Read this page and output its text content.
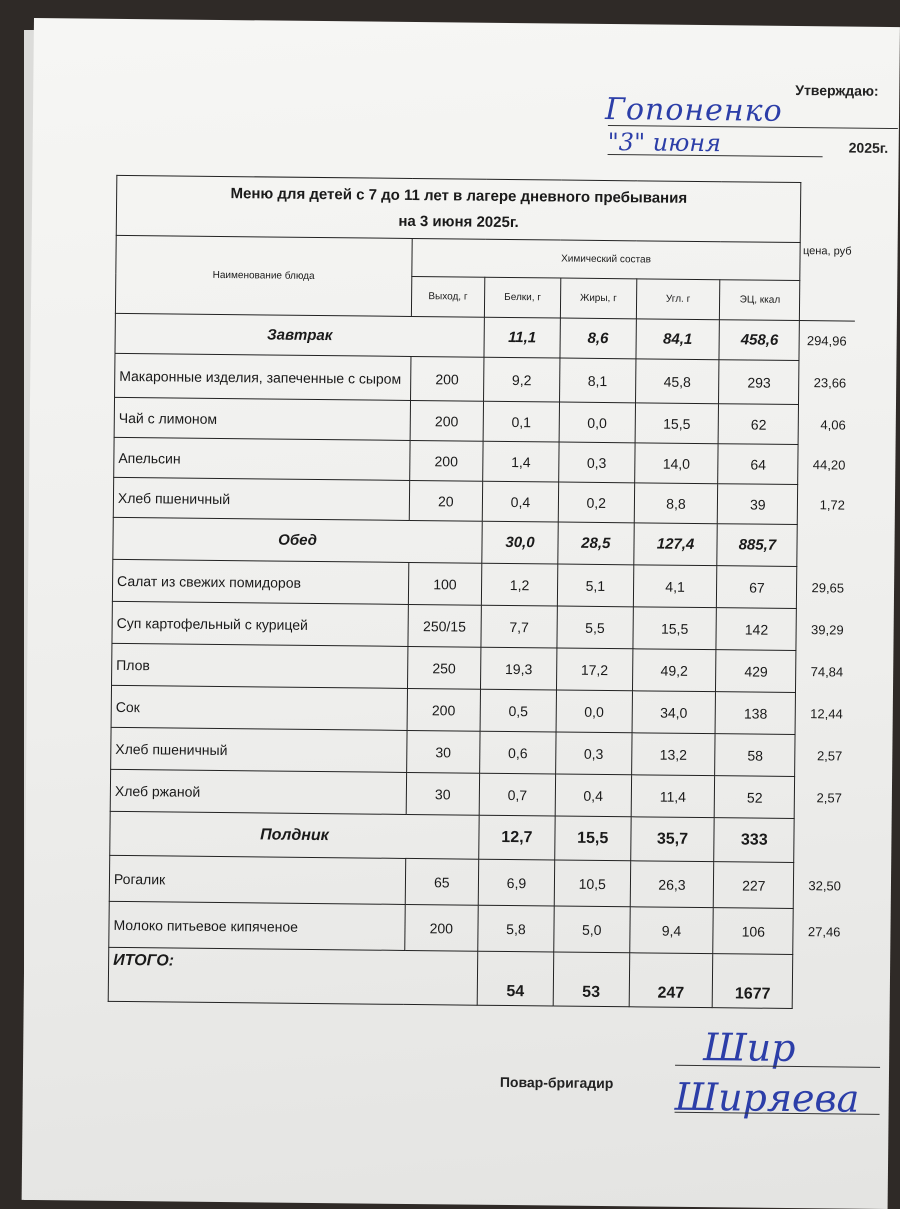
Утверждаю:
Гопоненко
"3" июня	2025г.
Меню для детей с 7 до 11 лет в лагере дневного пребывания
на 3 июня 2025г.						цена, руб

Наименование блюда	Химический состав					
	Выход, г	Белки, г	Жиры, г	Угл. г	ЭЦ, ккал	
Завтрак		11,1	8,6	84,1	458,6	294,96
Макаронные изделия, запеченные с сыром	200	9,2	8,1	45,8	293	23,66
Чай с лимоном	200	0,1	0,0	15,5	62	4,06
Апельсин	200	1,4	0,3	14,0	64	44,20
Хлеб пшеничный	20	0,4	0,2	8,8	39	1,72
Обед		30,0	28,5	127,4	885,7	
Салат из свежих помидоров	100	1,2	5,1	4,1	67	29,65
Суп картофельный с курицей	250/15	7,7	5,5	15,5	142	39,29
Плов	250	19,3	17,2	49,2	429	74,84
Сок	200	0,5	0,0	34,0	138	12,44
Хлеб пшеничный	30	0,6	0,3	13,2	58	2,57
Хлеб ржаной	30	0,7	0,4	11,4	52	2,57
Полдник		12,7	15,5	35,7	333	
Рогалик	65	6,9	10,5	26,3	227	32,50
Молоко питьевое кипяченое	200	5,8	5,0	9,4	106	27,46
ИТОГО:		54	53	247	1677	
Повар-бригадир
Шир
Ширяева
